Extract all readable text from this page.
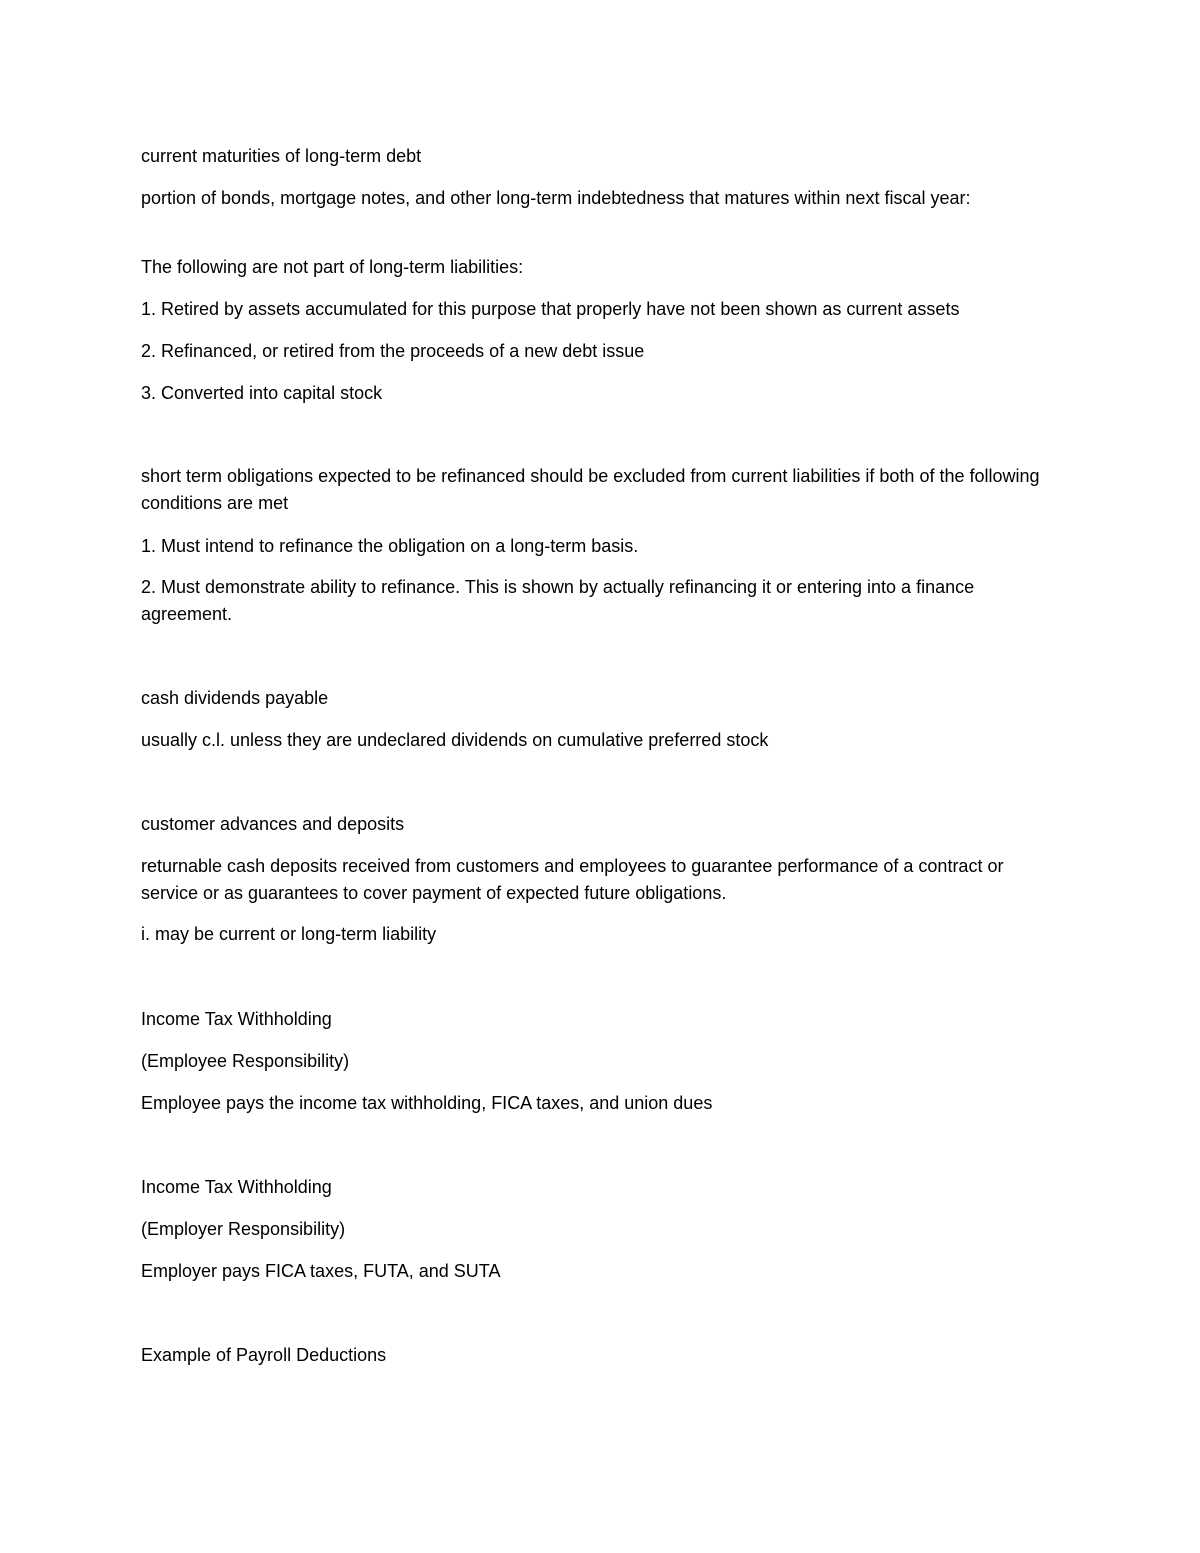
current maturities of long-term debt
portion of bonds, mortgage notes, and other long-term indebtedness that matures within next fiscal year:
The following are not part of long-term liabilities:
1. Retired by assets accumulated for this purpose that properly have not been shown as current assets
2. Refinanced, or retired from the proceeds of a new debt issue
3. Converted into capital stock
short term obligations expected to be refinanced should be excluded from current liabilities if both of the following conditions are met
1. Must intend to refinance the obligation on a long-term basis.
2. Must demonstrate ability to refinance. This is shown by actually refinancing it or entering into a finance agreement.
cash dividends payable
usually c.l. unless they are undeclared dividends on cumulative preferred stock
customer advances and deposits
returnable cash deposits received from customers and employees to guarantee performance of a contract or service or as guarantees to cover payment of expected future obligations.
i. may be current or long-term liability
Income Tax Withholding
(Employee Responsibility)
Employee pays the income tax withholding, FICA taxes, and union dues
Income Tax Withholding
(Employer Responsibility)
Employer pays FICA taxes, FUTA, and SUTA
Example of Payroll Deductions
